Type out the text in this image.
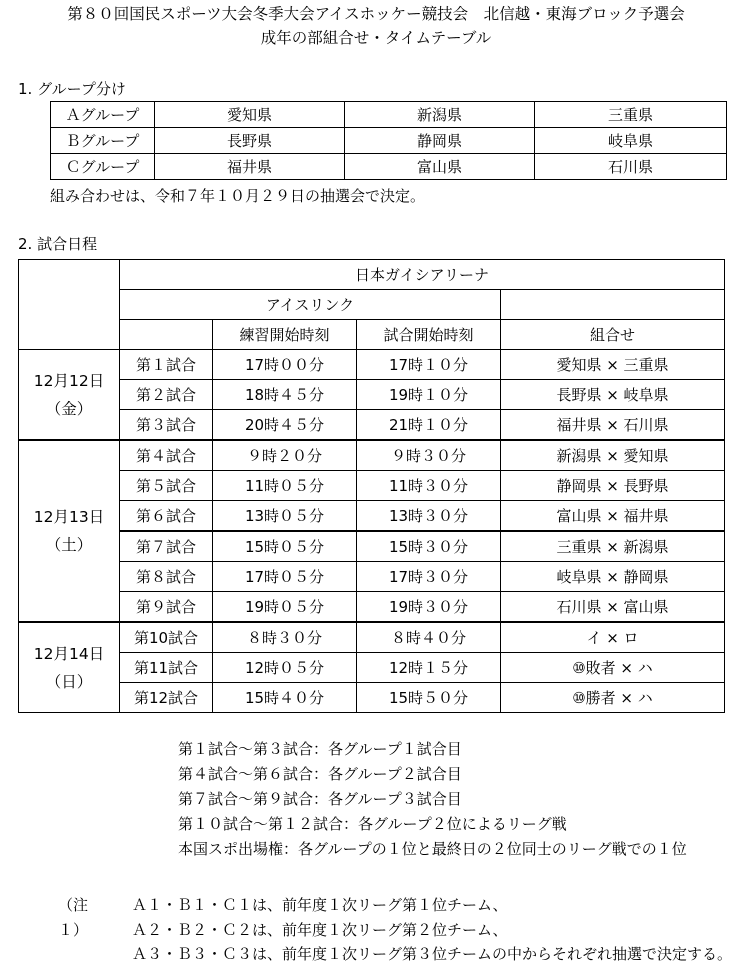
第８０回国民スポーツ大会冬季大会アイスホッケー競技会　北信越・東海ブロック予選会
成年の部組合せ・タイムテーブル
1. グループ分け
Ａグループ	愛知県	新潟県	三重県
Ｂグループ	長野県	静岡県	岐阜県
Ｃグループ	福井県	富山県	石川県
組み合わせは、令和７年１０月２９日の抽選会で決定。
2. 試合日程
	日本ガイシアリーナ			
	アイスリンク			
		練習開始時刻	試合開始時刻	組合せ

12月12日
（金）	第１試合	17時００分	17時１０分	愛知県 × 三重県
	第２試合	18時４５分	19時１０分	長野県 × 岐阜県
	第３試合	20時４５分	21時１０分	福井県 × 石川県

12月13日
（土）	第４試合	９時２０分	９時３０分	新潟県 × 愛知県
	第５試合	11時０５分	11時３０分	静岡県 × 長野県
	第６試合	13時０５分	13時３０分	富山県 × 福井県
	第７試合	15時０５分	15時３０分	三重県 × 新潟県
	第８試合	17時０５分	17時３０分	岐阜県 × 静岡県
	第９試合	19時０５分	19時３０分	石川県 × 富山県

12月14日
（日）	第10試合	８時３０分	８時４０分	イ × ロ
	第11試合	12時０５分	12時１５分	⑩敗者 × ハ
	第12試合	15時４０分	15時５０分	⑩勝者 × ハ
第１試合～第３試合：各グループ１試合目
第４試合～第６試合：各グループ２試合目
第７試合～第９試合：各グループ３試合目
第１０試合～第１２試合：各グループ２位によるリーグ戦
本国スポ出場権：各グループの１位と最終日の２位同士のリーグ戦での１位
（注１）
Ａ１・Ｂ１・Ｃ１は、前年度１次リーグ第１位チーム、
Ａ２・Ｂ２・Ｃ２は、前年度１次リーグ第２位チーム、
Ａ３・Ｂ３・Ｃ３は、前年度１次リーグ第３位チームの中からそれぞれ抽選で決定する。
